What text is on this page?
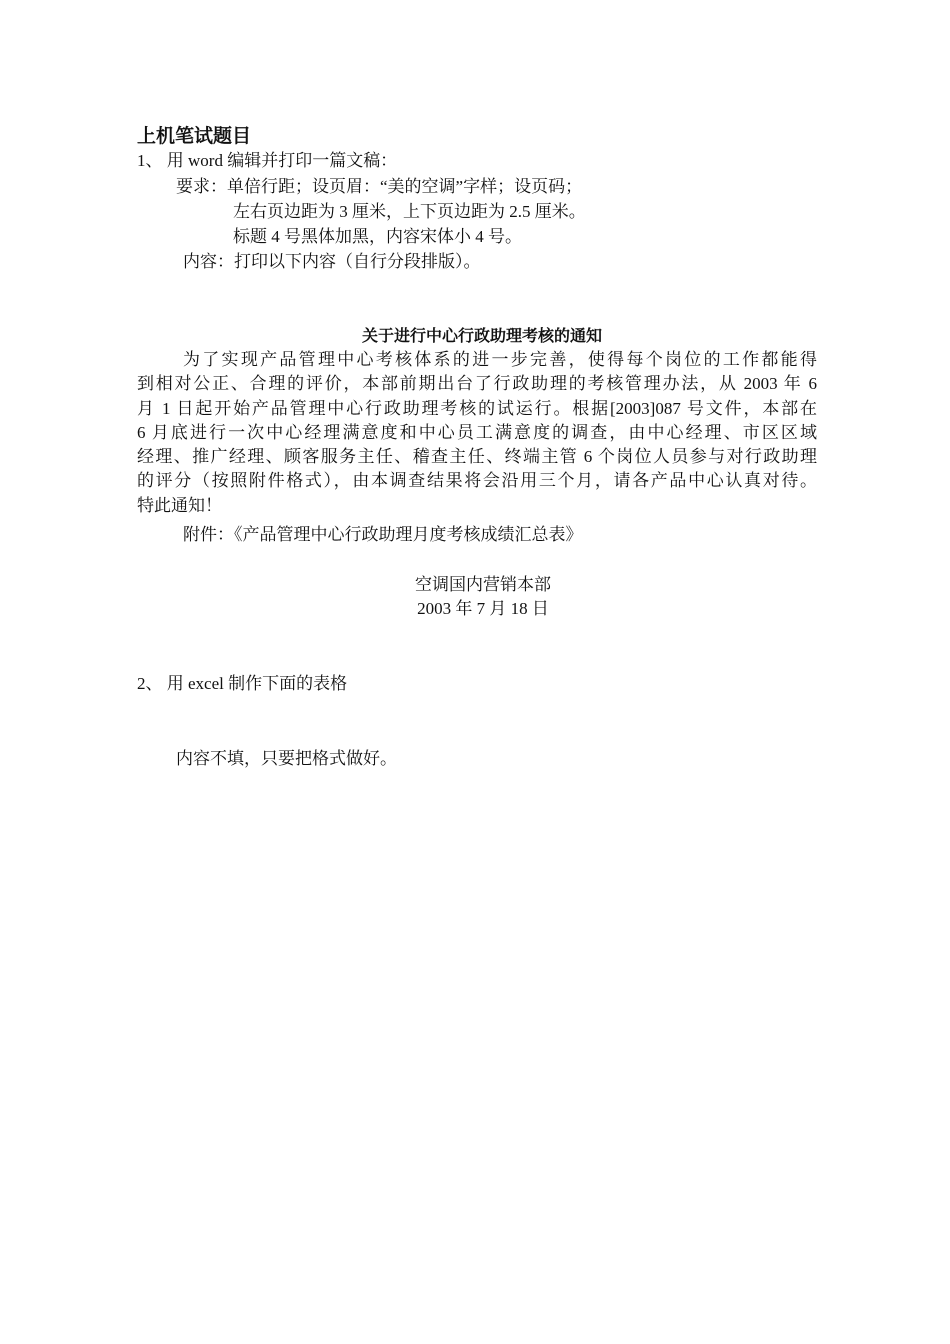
上机笔试题目
1、 用 word 编辑并打印一篇文稿：
要求：单倍行距；设页眉：“美的空调”字样；设页码；
左右页边距为 3 厘米，上下页边距为 2.5 厘米。
标题 4 号黑体加黑，内容宋体小 4 号。
内容：打印以下内容（自行分段排版）。
关于进行中心行政助理考核的通知
为了实现产品管理中心考核体系的进一步完善，使得每个岗位的工作都能得
到相对公正、合理的评价，本部前期出台了行政助理的考核管理办法，从 2003 年 6
月 1 日起开始产品管理中心行政助理考核的试运行。根据[2003]087 号文件，本部在
6 月底进行一次中心经理满意度和中心员工满意度的调查，由中心经理、市区区域
经理、推广经理、顾客服务主任、稽查主任、终端主管 6 个岗位人员参与对行政助理
的评分（按照附件格式），由本调查结果将会沿用三个月，请各产品中心认真对待。
特此通知！
附件：《产品管理中心行政助理月度考核成绩汇总表》
空调国内营销本部
2003 年 7 月 18 日
2、 用 excel 制作下面的表格
内容不填，只要把格式做好。
